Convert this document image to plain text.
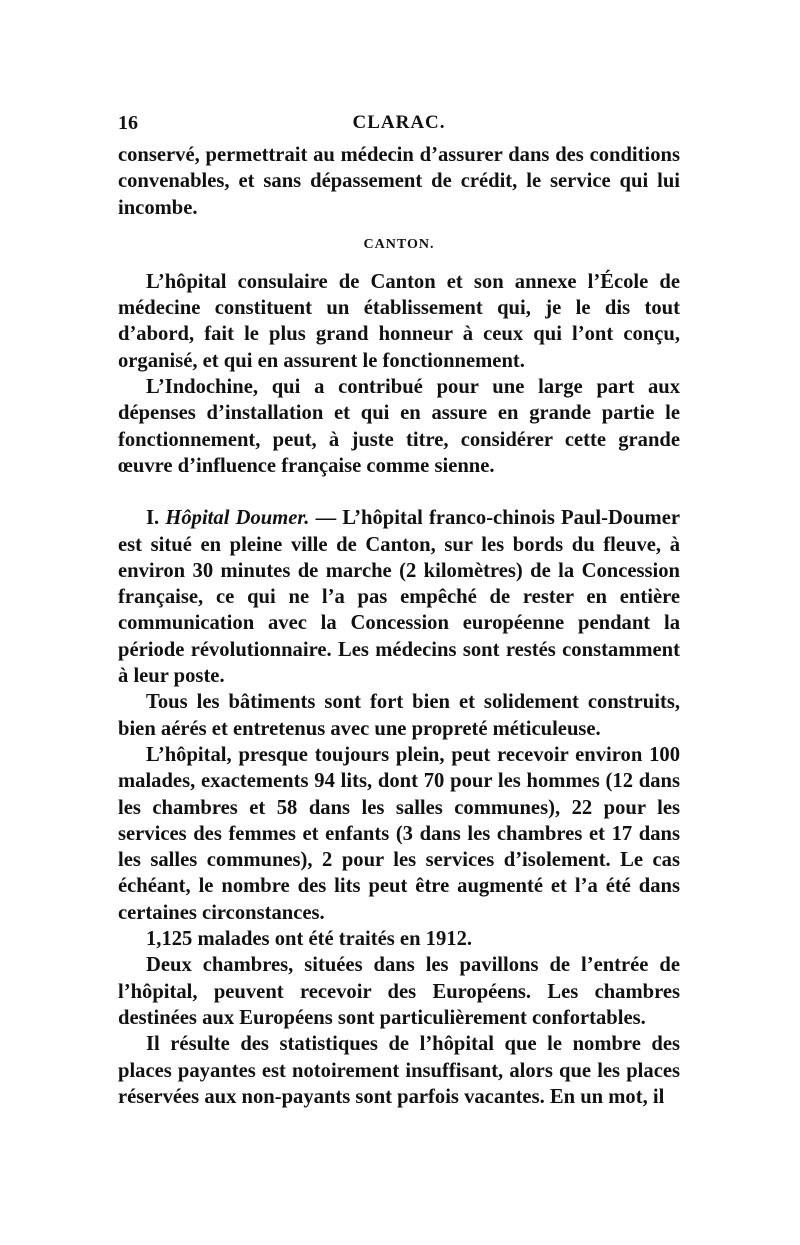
16	CLARAC.

conservé, permettrait au médecin d’assurer dans des conditions convenables, et sans dépassement de crédit, le service qui lui incombe.

CANTON.

L’hôpital consulaire de Canton et son annexe l’École de médecine constituent un établissement qui, je le dis tout d’abord, fait le plus grand honneur à ceux qui l’ont conçu, organisé, et qui en assurent le fonctionnement.

L’Indochine, qui a contribué pour une large part aux dépenses d’installation et qui en assure en grande partie le fonctionnement, peut, à juste titre, considérer cette grande œuvre d’influence française comme sienne.

I. Hôpital Doumer. — L’hôpital franco-chinois Paul-Doumer est situé en pleine ville de Canton, sur les bords du fleuve, à environ 30 minutes de marche (2 kilomètres) de la Concession française, ce qui ne l’a pas empêché de rester en entière communication avec la Concession européenne pendant la période révolutionnaire. Les médecins sont restés constamment à leur poste.

Tous les bâtiments sont fort bien et solidement construits, bien aérés et entretenus avec une propreté méticuleuse.

L’hôpital, presque toujours plein, peut recevoir environ 100 malades, exactements 94 lits, dont 70 pour les hommes (12 dans les chambres et 58 dans les salles communes), 22 pour les services des femmes et enfants (3 dans les chambres et 17 dans les salles communes), 2 pour les services d’isolement. Le cas échéant, le nombre des lits peut être augmenté et l’a été dans certaines circonstances.

1,125 malades ont été traités en 1912.

Deux chambres, situées dans les pavillons de l’entrée de l’hôpital, peuvent recevoir des Européens. Les chambres destinées aux Européens sont particulièrement confortables.

Il résulte des statistiques de l’hôpital que le nombre des places payantes est notoirement insuffisant, alors que les places réservées aux non-payants sont parfois vacantes. En un mot, il
